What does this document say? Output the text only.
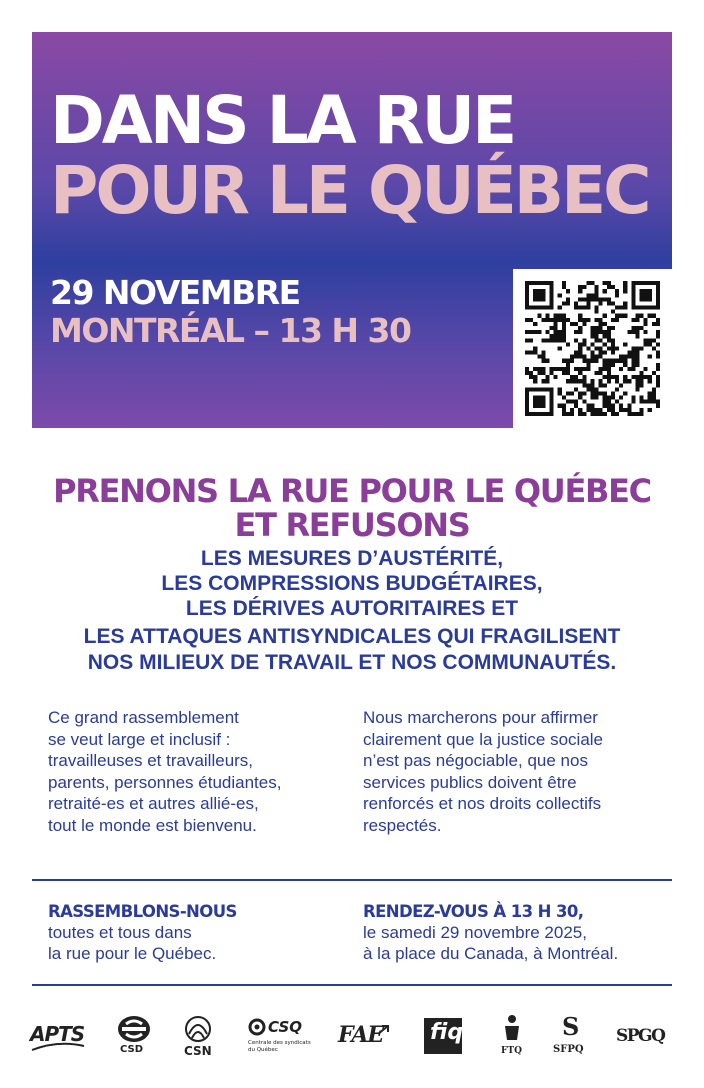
DANS LA RUE
POUR LE QUÉBEC
29 NOVEMBRE
MONTRÉAL – 13 H 30
PRENONS LA RUE POUR LE QUÉBEC
ET REFUSONS
LES MESURES D’AUSTÉRITÉ,
LES COMPRESSIONS BUDGÉTAIRES,
LES DÉRIVES AUTORITAIRES ET
LES ATTAQUES ANTISYNDICALES QUI FRAGILISENT
NOS MILIEUX DE TRAVAIL ET NOS COMMUNAUTÉS.
Ce grand rassemblement
se veut large et inclusif :
travailleuses et travailleurs,
parents, personnes étudiantes,
retraité-es et autres allié-es,
tout le monde est bienvenu.
Nous marcherons pour affirmer
clairement que la justice sociale
n’est pas négociable, que nos
services publics doivent être
renforcés et nos droits collectifs
respectés.
RASSEMBLONS-NOUS
toutes et tous dans
la rue pour le Québec.
RENDEZ-VOUS À 13 H 30,
le samedi 29 novembre 2025,
à la place du Canada, à Montréal.
APTS
CSD	CSN
CSQ
Centrale des syndicats
du Québec
FAE fiq
FTQ
S
SFPQ
SPGQ
